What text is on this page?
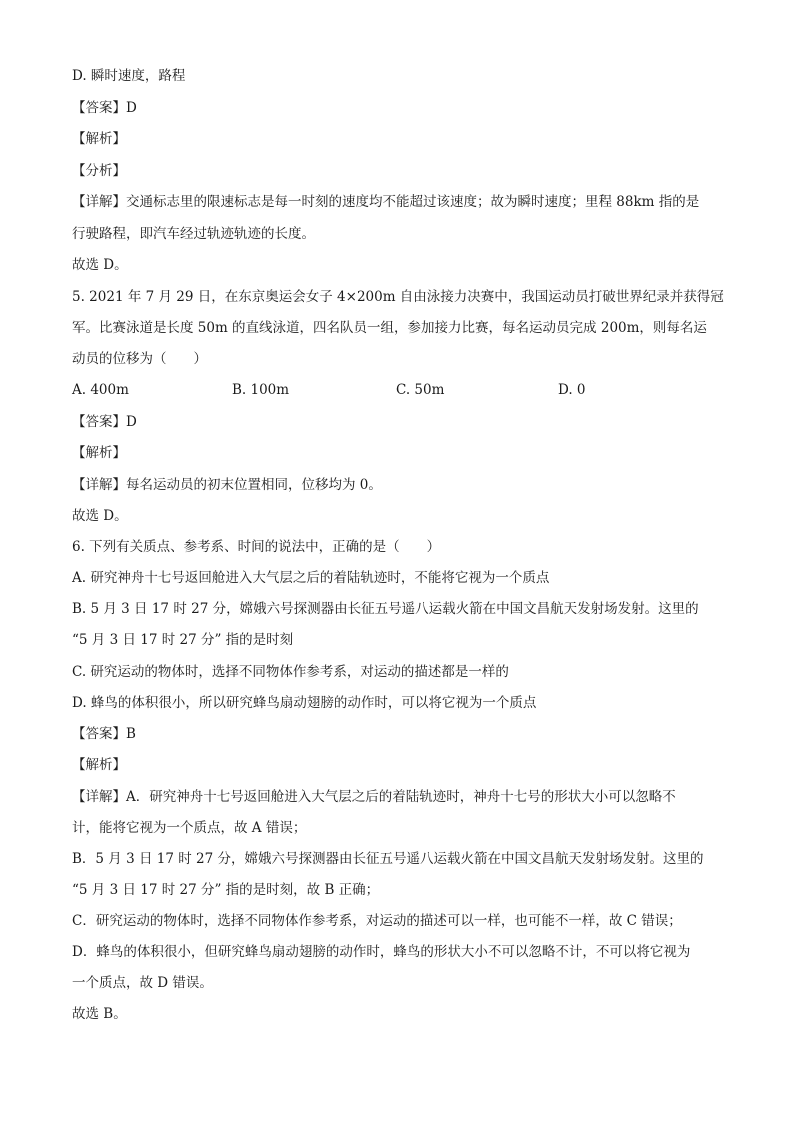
D. 瞬时速度，路程
【答案】D
【解析】
【分析】
【详解】交通标志里的限速标志是每一时刻的速度均不能超过该速度；故为瞬时速度；里程 88km 指的是
行驶路程，即汽车经过轨迹轨迹的长度。
故选 D。
5. 2021 年 7 月 29 日，在东京奥运会女子 4×200m 自由泳接力决赛中，我国运动员打破世界纪录并获得冠
军。比赛泳道是长度 50m 的直线泳道，四名队员一组，参加接力比赛，每名运动员完成 200m，则每名运
动员的位移为（　　）
A. 400m	B. 100m	C. 50m	D. 0
【答案】D
【解析】
【详解】每名运动员的初末位置相同，位移均为 0。
故选 D。
6. 下列有关质点、参考系、时间的说法中，正确的是（　　）
A. 研究神舟十七号返回舱进入大气层之后的着陆轨迹时，不能将它视为一个质点
B. 5 月 3 日 17 时 27 分，嫦娥六号探测器由长征五号遥八运载火箭在中国文昌航天发射场发射。这里的
“5 月 3 日 17 时 27 分” 指的是时刻
C. 研究运动的物体时，选择不同物体作参考系，对运动的描述都是一样的
D. 蜂鸟的体积很小，所以研究蜂鸟扇动翅膀的动作时，可以将它视为一个质点
【答案】B
【解析】
【详解】A．研究神舟十七号返回舱进入大气层之后的着陆轨迹时，神舟十七号的形状大小可以忽略不
计，能将它视为一个质点，故 A 错误；
B．5 月 3 日 17 时 27 分，嫦娥六号探测器由长征五号遥八运载火箭在中国文昌航天发射场发射。这里的
“5 月 3 日 17 时 27 分” 指的是时刻，故 B 正确；
C．研究运动的物体时，选择不同物体作参考系，对运动的描述可以一样，也可能不一样，故 C 错误；
D．蜂鸟的体积很小，但研究蜂鸟扇动翅膀的动作时，蜂鸟的形状大小不可以忽略不计，不可以将它视为
一个质点，故 D 错误。
故选 B。
